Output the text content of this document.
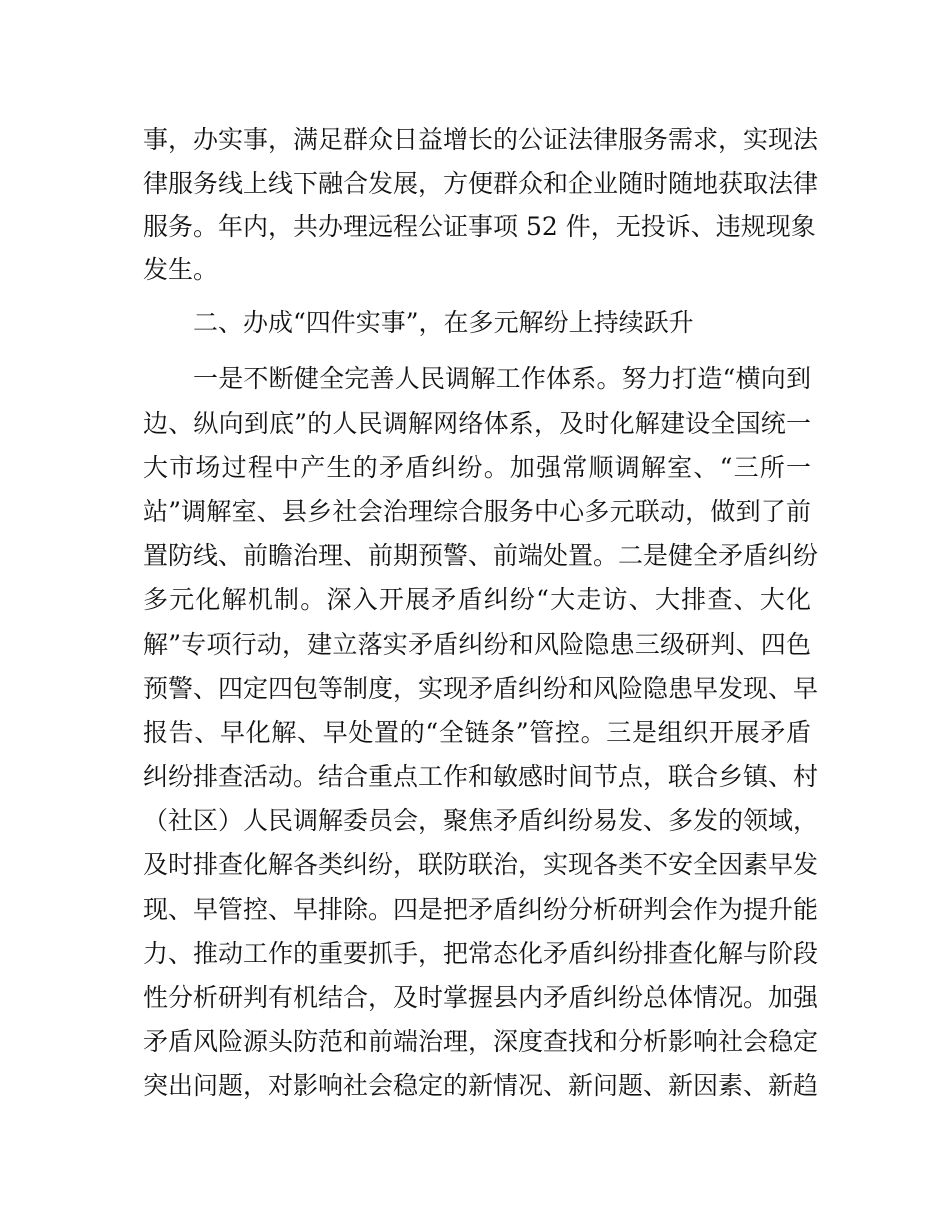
事，办实事，满足群众日益增长的公证法律服务需求，实现法
律服务线上线下融合发展，方便群众和企业随时随地获取法律
服务。年内，共办理远程公证事项 52 件，无投诉、违规现象
发生。
二、办成“四件实事”，在多元解纷上持续跃升
一是不断健全完善人民调解工作体系。努力打造“横向到
边、纵向到底”的人民调解网络体系，及时化解建设全国统一
大市场过程中产生的矛盾纠纷。加强常顺调解室、“三所一
站”调解室、县乡社会治理综合服务中心多元联动，做到了前
置防线、前瞻治理、前期预警、前端处置。二是健全矛盾纠纷
多元化解机制。深入开展矛盾纠纷“大走访、大排查、大化
解”专项行动，建立落实矛盾纠纷和风险隐患三级研判、四色
预警、四定四包等制度，实现矛盾纠纷和风险隐患早发现、早
报告、早化解、早处置的“全链条”管控。三是组织开展矛盾
纠纷排查活动。结合重点工作和敏感时间节点，联合乡镇、村
（社区）人民调解委员会，聚焦矛盾纠纷易发、多发的领域，
及时排查化解各类纠纷，联防联治，实现各类不安全因素早发
现、早管控、早排除。四是把矛盾纠纷分析研判会作为提升能
力、推动工作的重要抓手，把常态化矛盾纠纷排查化解与阶段
性分析研判有机结合，及时掌握县内矛盾纠纷总体情况。加强
矛盾风险源头防范和前端治理，深度查找和分析影响社会稳定
突出问题，对影响社会稳定的新情况、新问题、新因素、新趋
